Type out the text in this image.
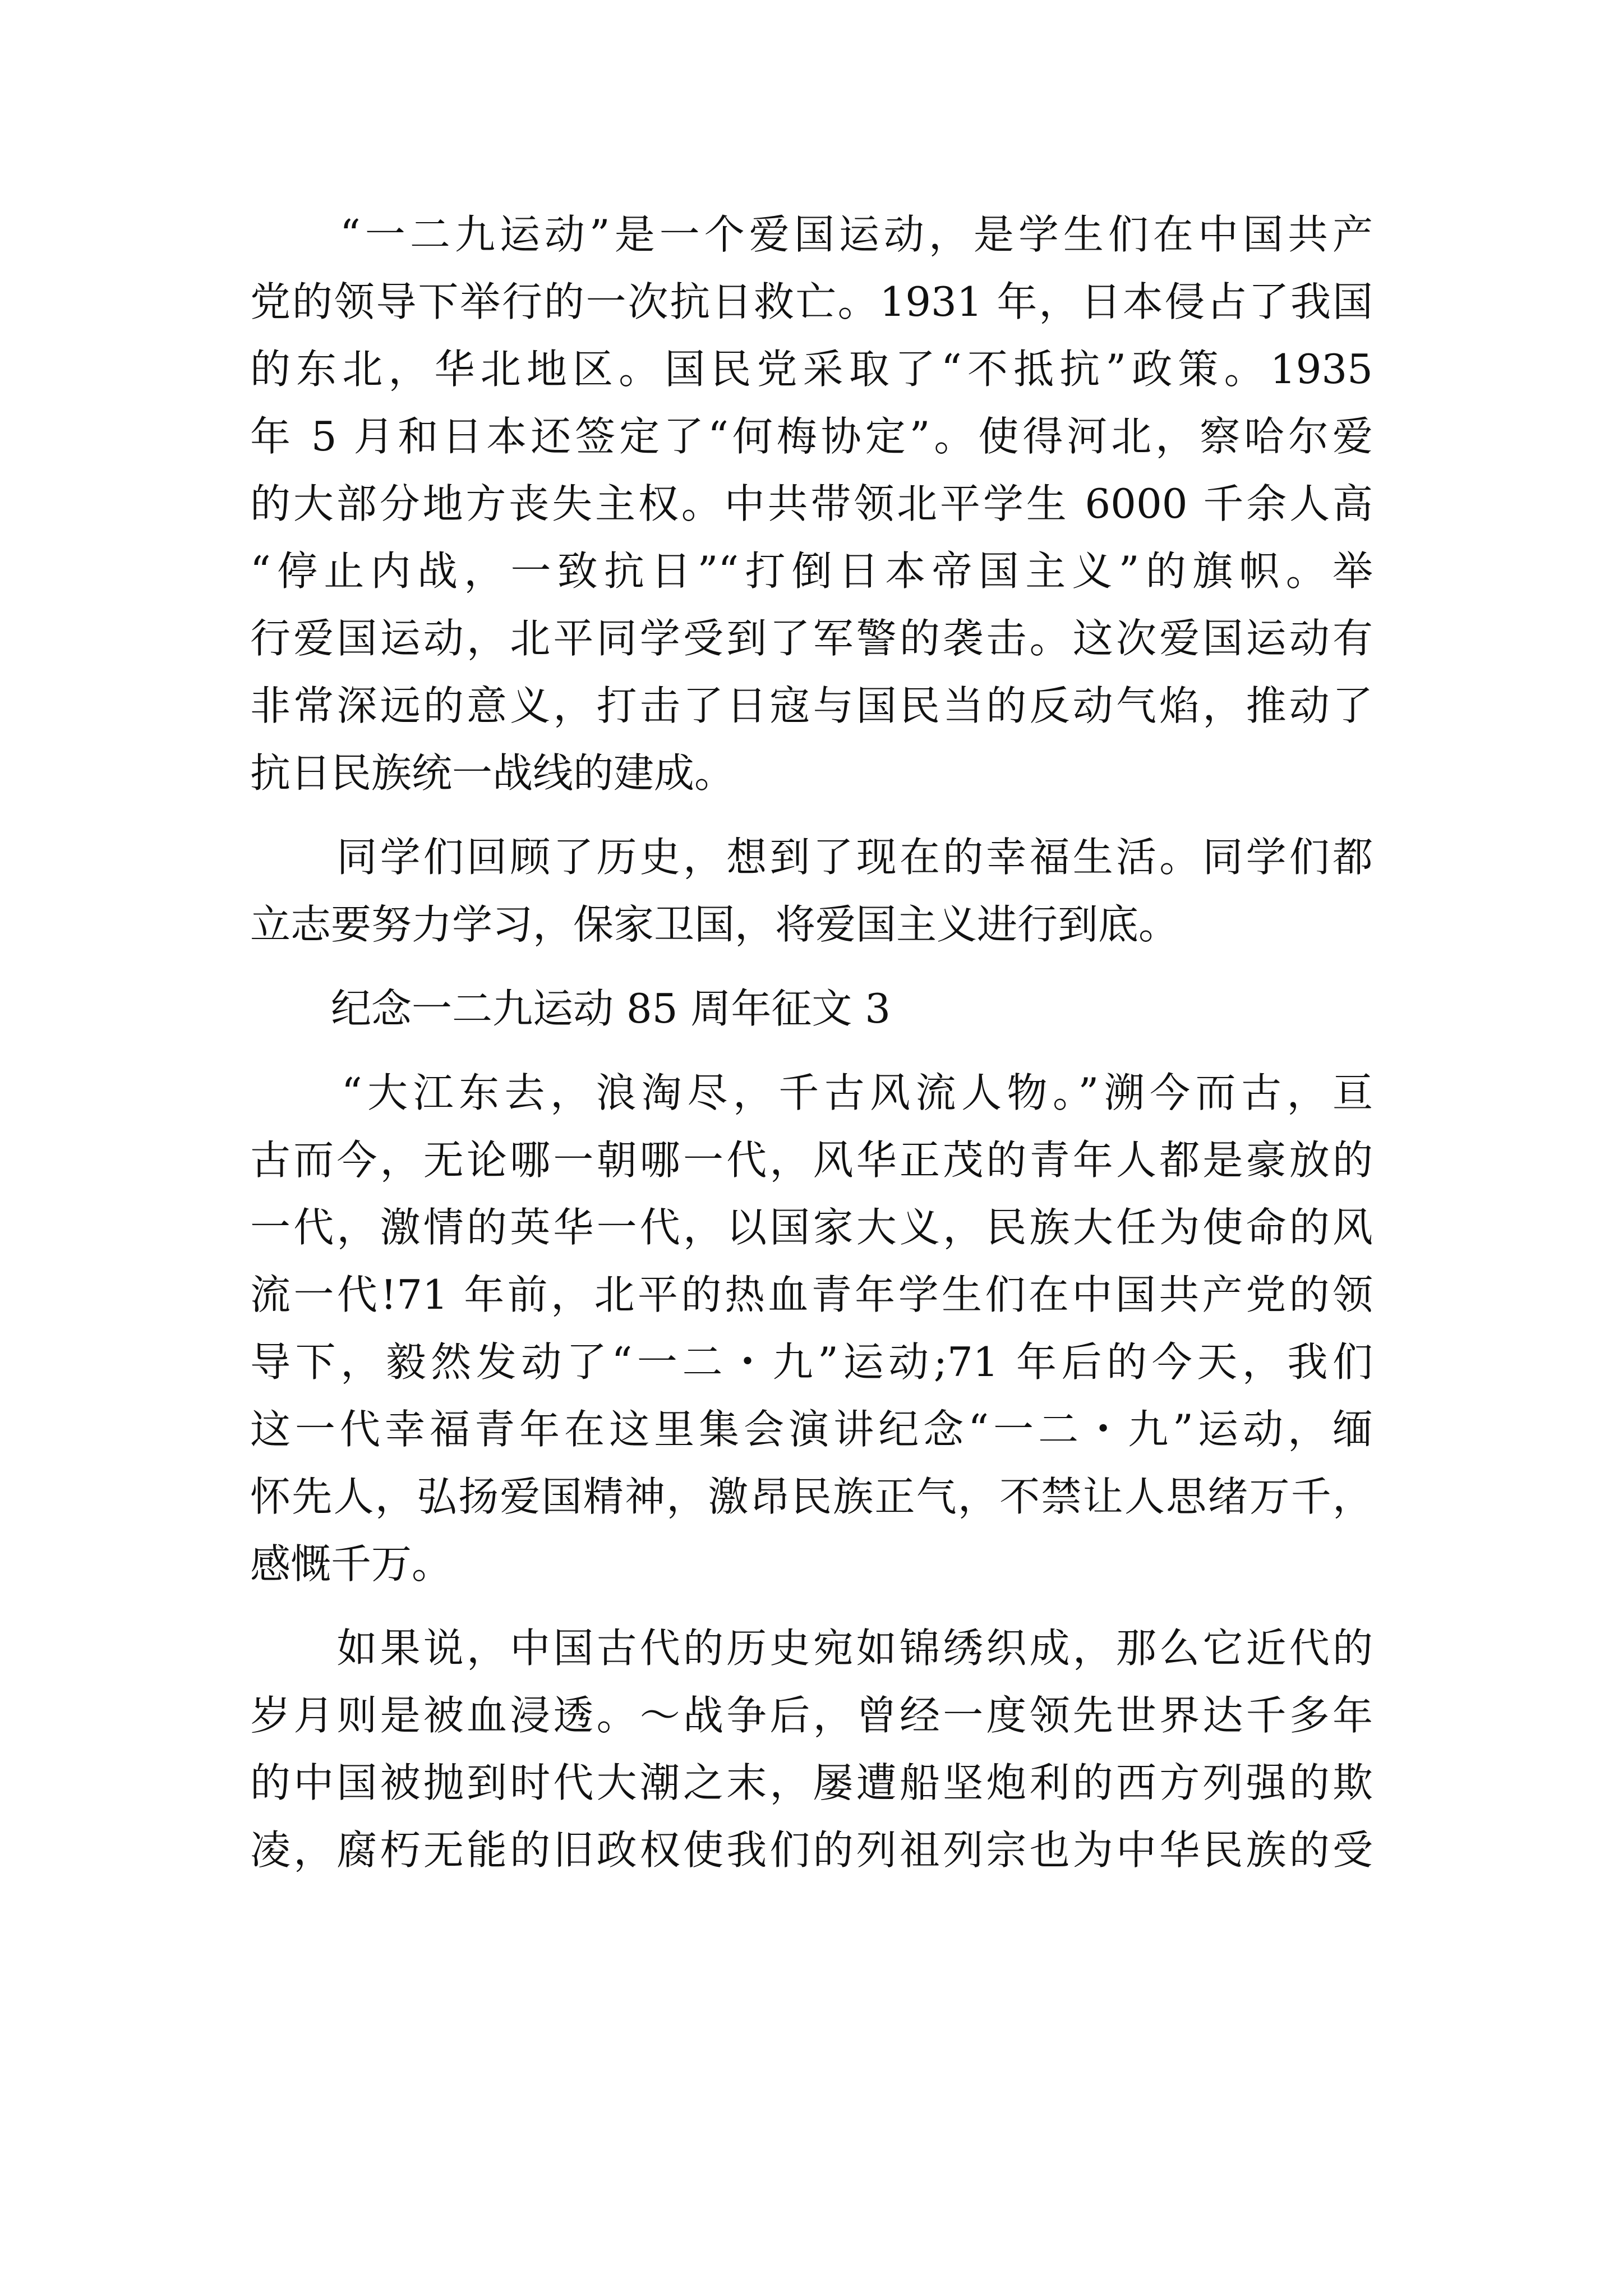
　　“一二九运动”是一个爱国运动，是学生们在中国共产
党的领导下举行的一次抗日救亡。1931 年，日本侵占了我国
的东北，华北地区。国民党采取了“不抵抗”政策。1935
年 5 月和日本还签定了“何梅协定”。使得河北，察哈尔爱
的大部分地方丧失主权。中共带领北平学生 6000 千余人高
“停止内战，一致抗日”“打倒日本帝国主义”的旗帜。举
行爱国运动，北平同学受到了军警的袭击。这次爱国运动有
非常深远的意义，打击了日寇与国民当的反动气焰，推动了
抗日民族统一战线的建成。
　　同学们回顾了历史，想到了现在的幸福生活。同学们都
立志要努力学习，保家卫国，将爱国主义进行到底。
　　纪念一二九运动 85 周年征文 3
　　“大江东去，浪淘尽，千古风流人物。”溯今而古，亘
古而今，无论哪一朝哪一代，风华正茂的青年人都是豪放的
一代，激情的英华一代，以国家大义，民族大任为使命的风
流一代!71 年前，北平的热血青年学生们在中国共产党的领
导下，毅然发动了“一二・九”运动;71 年后的今天，我们
这一代幸福青年在这里集会演讲纪念“一二・九”运动，缅
怀先人，弘扬爱国精神，激昂民族正气，不禁让人思绪万千，
感慨千万。
　　如果说，中国古代的历史宛如锦绣织成，那么它近代的
岁月则是被血浸透。～战争后，曾经一度领先世界达千多年
的中国被抛到时代大潮之末，屡遭船坚炮利的西方列强的欺
凌，腐朽无能的旧政权使我们的列祖列宗也为中华民族的受
